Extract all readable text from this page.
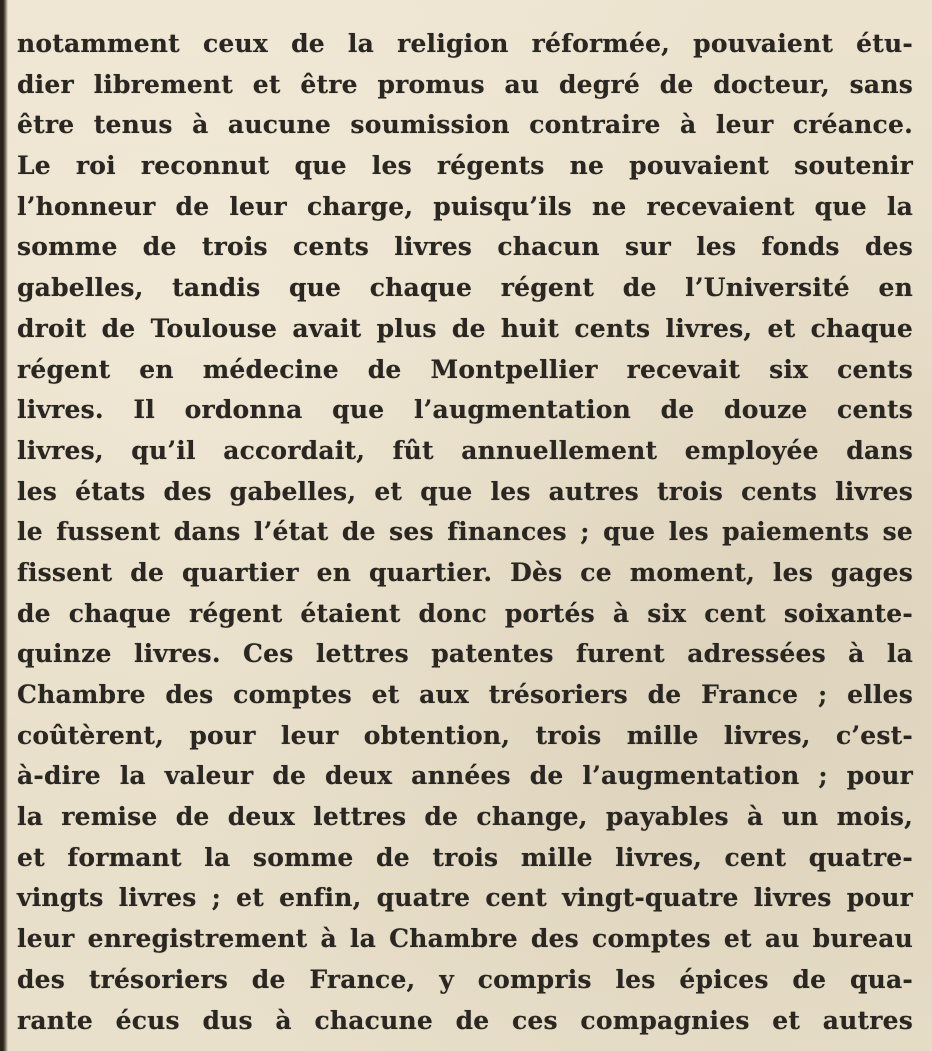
notamment ceux de la religion réformée, pouvaient étu-
dier librement et être promus au degré de docteur, sans
être tenus à aucune soumission contraire à leur créance.
Le roi reconnut que les régents ne pouvaient soutenir
l’honneur de leur charge, puisqu’ils ne recevaient que la
somme de trois cents livres chacun sur les fonds des
gabelles, tandis que chaque régent de l’Université en
droit de Toulouse avait plus de huit cents livres, et chaque
régent en médecine de Montpellier recevait six cents
livres. Il ordonna que l’augmentation de douze cents
livres, qu’il accordait, fût annuellement employée dans
les états des gabelles, et que les autres trois cents livres
le fussent dans l’état de ses finances ; que les paiements se
fissent de quartier en quartier. Dès ce moment, les gages
de chaque régent étaient donc portés à six cent soixante-
quinze livres. Ces lettres patentes furent adressées à la
Chambre des comptes et aux trésoriers de France ; elles
coûtèrent, pour leur obtention, trois mille livres, c’est-
à-dire la valeur de deux années de l’augmentation ; pour
la remise de deux lettres de change, payables à un mois,
et formant la somme de trois mille livres, cent quatre-
vingts livres ; et enfin, quatre cent vingt-quatre livres pour
leur enregistrement à la Chambre des comptes et au bureau
des trésoriers de France, y compris les épices de qua-
rante écus dus à chacune de ces compagnies et autres
